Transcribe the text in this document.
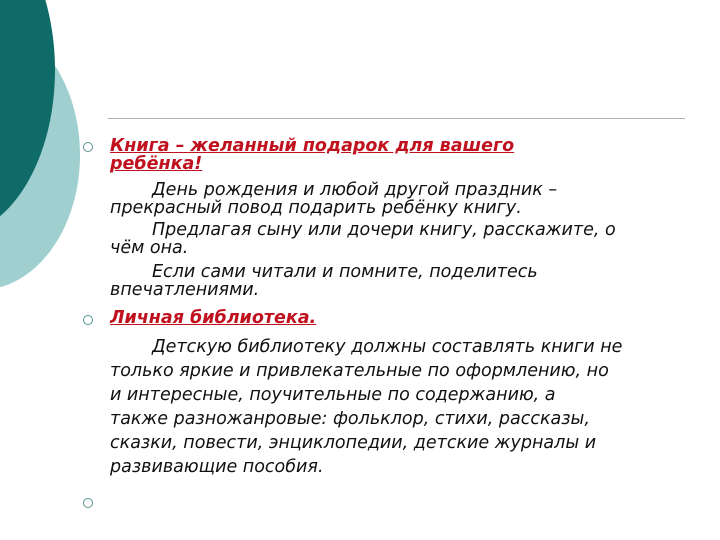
Книга – желанный подарок для вашего

ребёнка!

День рождения и любой другой праздник –

прекрасный повод подарить ребёнку книгу.

Предлагая сыну или дочери книгу, расскажите, о

чём она.

Если сами читали и помните, поделитесь

впечатлениями.

Личная библиотека.

Детскую библиотеку должны составлять книги не

только яркие и привлекательные по оформлению, но

и интересные, поучительные по содержанию, а

также разножанровые: фольклор, стихи, рассказы,

сказки, повести, энциклопедии, детские журналы и

развивающие пособия.
